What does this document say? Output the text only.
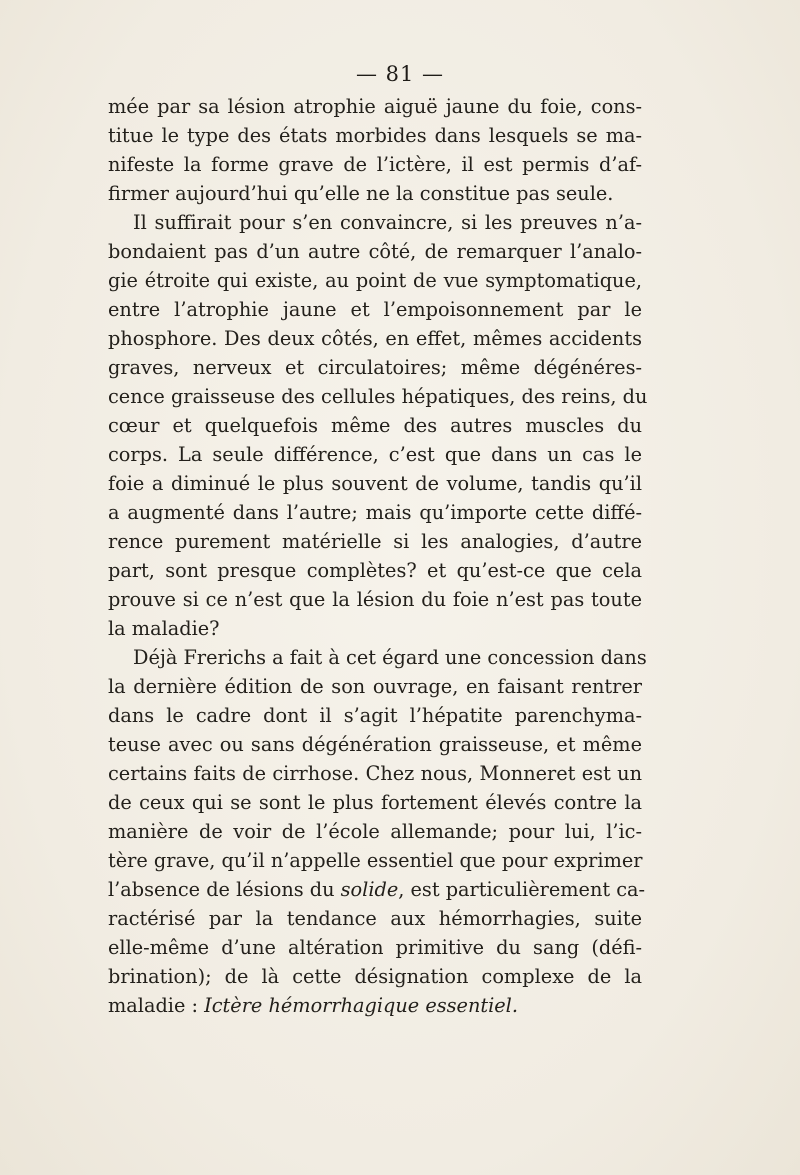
— 81 —
mée par sa lésion atrophie aiguë jaune du foie, cons-
titue le type des états morbides dans lesquels se ma-
nifeste la forme grave de l’ictère, il est permis d’af-
firmer aujourd’hui qu’elle ne la constitue pas seule.
Il suffirait pour s’en convaincre, si les preuves n’a-
bondaient pas d’un autre côté, de remarquer l’analo-
gie étroite qui existe, au point de vue symptomatique,
entre l’atrophie jaune et l’empoisonnement par le
phosphore. Des deux côtés, en effet, mêmes accidents
graves, nerveux et circulatoires; même dégénéres-
cence graisseuse des cellules hépatiques, des reins, du
cœur et quelquefois même des autres muscles du
corps. La seule différence, c’est que dans un cas le
foie a diminué le plus souvent de volume, tandis qu’il
a augmenté dans l’autre; mais qu’importe cette diffé-
rence purement matérielle si les analogies, d’autre
part, sont presque complètes? et qu’est-ce que cela
prouve si ce n’est que la lésion du foie n’est pas toute
la maladie?
Déjà Frerichs a fait à cet égard une concession dans
la dernière édition de son ouvrage, en faisant rentrer
dans le cadre dont il s’agit l’hépatite parenchyma-
teuse avec ou sans dégénération graisseuse, et même
certains faits de cirrhose. Chez nous, Monneret est un
de ceux qui se sont le plus fortement élevés contre la
manière de voir de l’école allemande; pour lui, l’ic-
tère grave, qu’il n’appelle essentiel que pour exprimer
l’absence de lésions du solide, est particulièrement ca-
ractérisé par la tendance aux hémorrhagies, suite
elle-même d’une altération primitive du sang (défi-
brination); de là cette désignation complexe de la
maladie : Ictère hémorrhagique essentiel.
